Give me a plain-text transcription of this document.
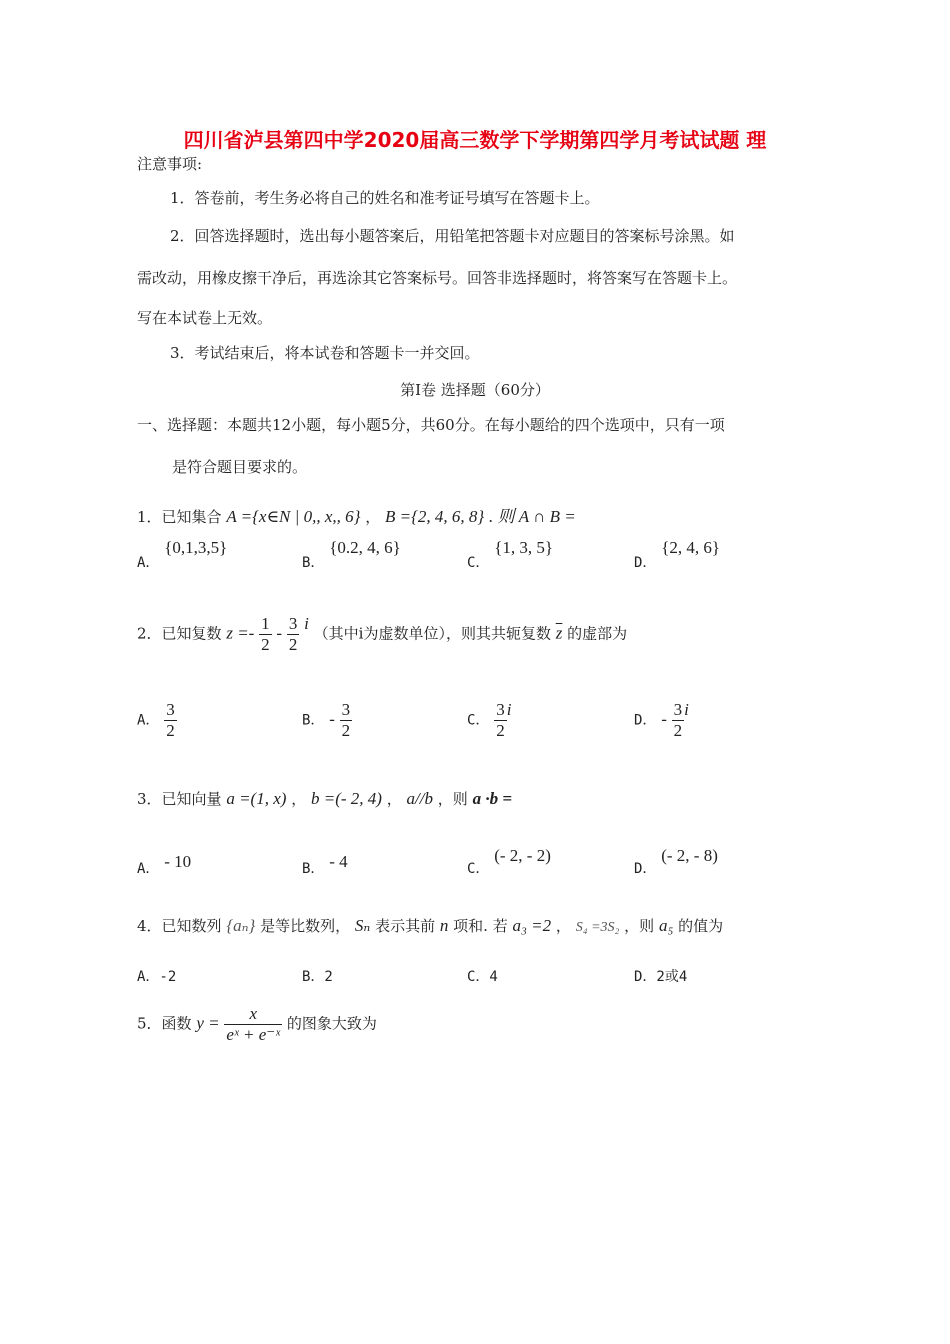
四川省泸县第四中学2020届高三数学下学期第四学月考试试题 理
注意事项:
1．答卷前，考生务必将自己的姓名和准考证号填写在答题卡上。
2．回答选择题时，选出每小题答案后，用铅笔把答题卡对应题目的答案标号涂黑。如
需改动，用橡皮擦干净后，再选涂其它答案标号。回答非选择题时，将答案写在答题卡上。
写在本试卷上无效。
3．考试结束后，将本试卷和答题卡一并交回。
第Ⅰ卷 选择题（60分）
一、选择题：本题共12小题，每小题5分，共60分。在每小题给的四个选项中，只有一项
是符合题目要求的。
1．已知集合 A ={x∈N | 0,, x,, 6} ， B ={2, 4, 6, 8} . 则 A ∩ B =
A． {0,1,3,5}
B． {0.2, 4, 6}
C． {1, 3, 5}
D． {2, 4, 6}
2．已知复数 $z =- \frac{1}{2} - \frac{3}{2}$ i （其中i为虚数单位），则其共轭复数 $\overline{z}$ 的虚部为
A． $\frac{3}{2}$	B． - $\frac{3}{2}$	C． $\frac{3}{2}$ i
D． - $\frac{3}{2}$ i
3．已知向量 a =(1, x) ， b =(- 2, 4) ， a//b ，则 a ·b =
A． - 10	B． - 4	C． (- 2, - 2)
D． (- 2, - 8)
4．已知数列 {aₙ} 是等比数列， Sₙ 表示其前 n 项和. 若 a₃ =2 ， S₄ =3S₂ ，则 a₅ 的值为
A．-2	B．2	C．4	D．2或4
5．函数 $y = \frac{x}{\text{eˣ + e⁻ˣ}}$ 的图象大致为
